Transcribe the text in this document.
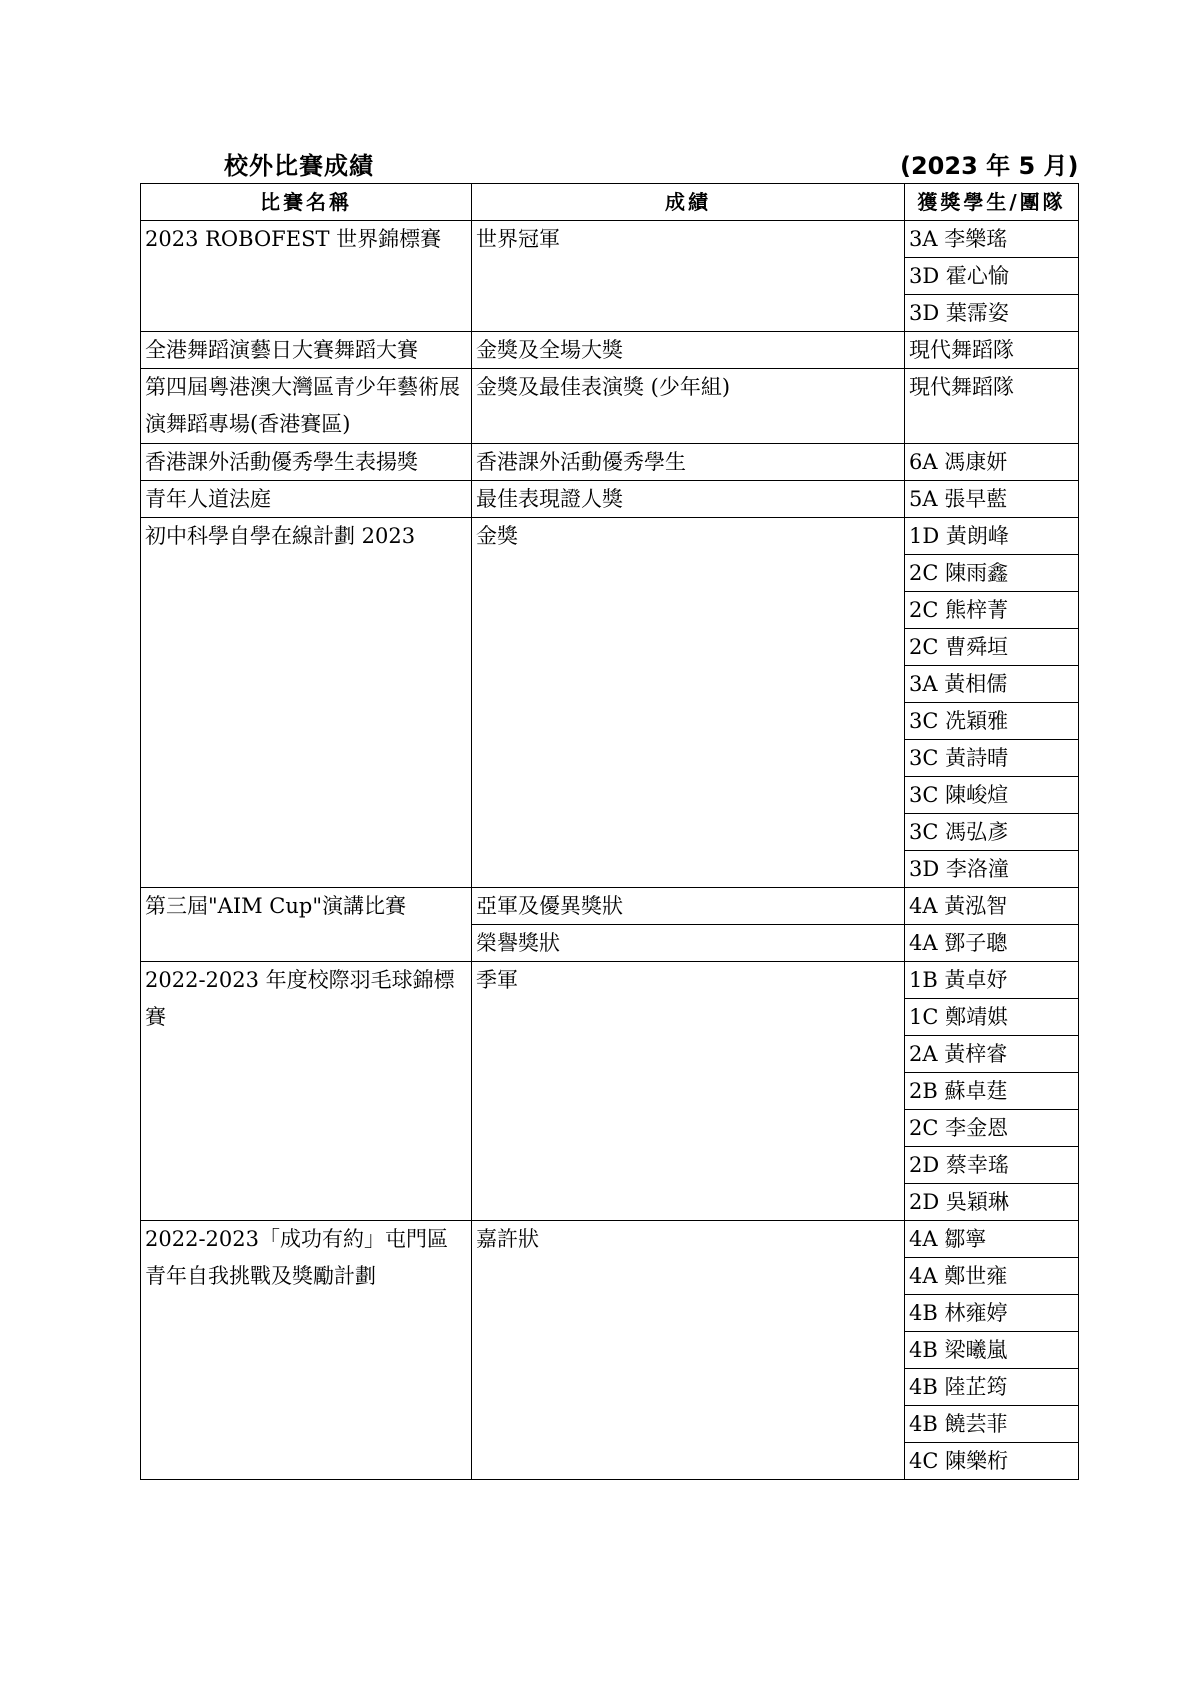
校外比賽成績	(2023 年 5 月)
比賽名稱	成績	獲獎學生/團隊
2023 ROBOFEST 世界錦標賽	世界冠軍	3A 李樂瑤
		3D 霍心愉
		3D 葉霈姿
全港舞蹈演藝日大賽舞蹈大賽	金獎及全場大獎	現代舞蹈隊
第四屆粵港澳大灣區青少年藝術展演舞蹈專場(香港賽區)	金獎及最佳表演獎 (少年組)	現代舞蹈隊

香港課外活動優秀學生表揚獎	香港課外活動優秀學生	6A 馮康妍
青年人道法庭	最佳表現證人獎	5A 張早藍
初中科學自學在線計劃 2023	金獎	1D 黃朗峰
		2C 陳雨鑫
		2C 熊梓菁
		2C 曹舜垣
		3A 黃相儒
		3C 冼穎雅
		3C 黃詩晴
		3C 陳峻煊
		3C 馮弘彥
		3D 李洛潼
第三屆"AIM Cup"演講比賽	亞軍及優異獎狀	4A 黃泓智
	榮譽獎狀	4A 鄧子聰
2022-2023 年度校際羽毛球錦標賽	季軍	1B 黃卓妤
		1C 鄭靖娸
		2A 黃梓睿
		2B 蘇卓莛
		2C 李金恩
		2D 蔡幸瑤
		2D 吳穎琳
2022-2023「成功有約」屯門區青年自我挑戰及獎勵計劃	嘉許狀	4A 鄒寧
		4A 鄭世雍
		4B 林雍婷
		4B 梁曦嵐
		4B 陸芷筠
		4B 饒芸菲
		4C 陳樂桁
